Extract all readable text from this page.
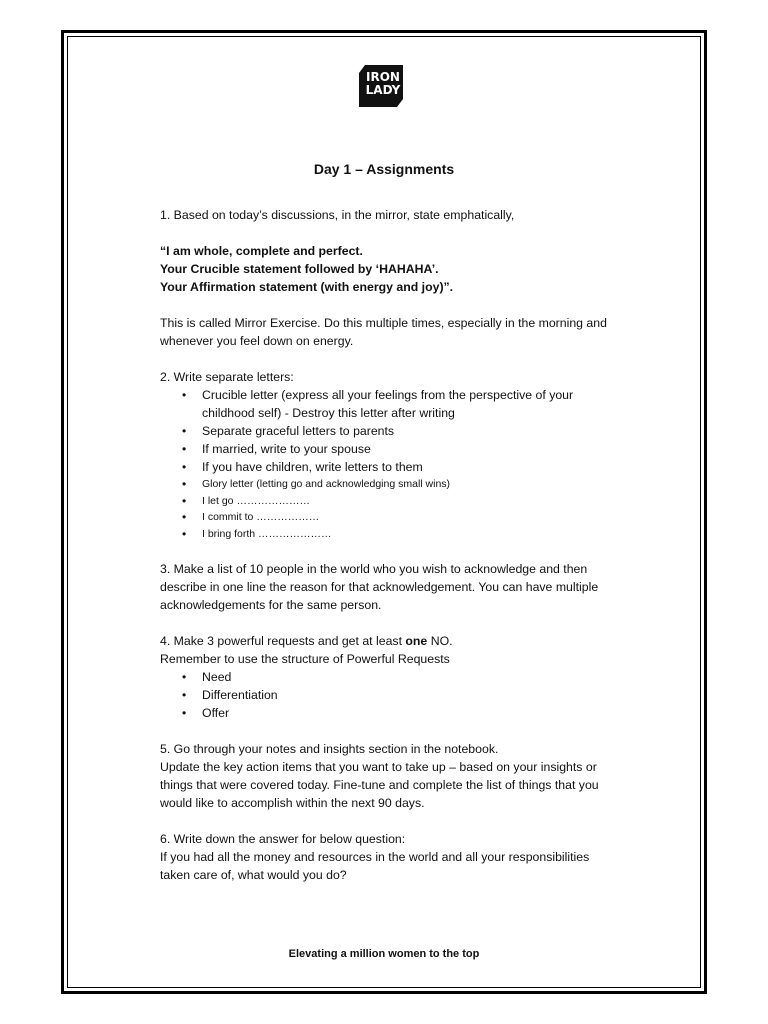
IRON
LADY
Day 1 – Assignments

1. Based on today’s discussions, in the mirror, state emphatically,

“I am whole, complete and perfect.

Your Crucible statement followed by ‘HAHAHA’.

Your Affirmation statement (with energy and joy)”.

This is called Mirror Exercise. Do this multiple times, especially in the morning and

whenever you feel down on energy.

2. Write separate letters:

• Crucible letter (express all your feelings from the perspective of your
childhood self) - Destroy this letter after writing
• Separate graceful letters to parents
• If married, write to your spouse
• If you have children, write letters to them
• Glory letter (letting go and acknowledging small wins)
• I let go …………………
• I commit to ………………
• I bring forth …………………

3. Make a list of 10 people in the world who you wish to acknowledge and then

describe in one line the reason for that acknowledgement. You can have multiple

acknowledgements for the same person.

4. Make 3 powerful requests and get at least one NO.

Remember to use the structure of Powerful Requests

• Need
• Differentiation
• Offer

5. Go through your notes and insights section in the notebook.

Update the key action items that you want to take up – based on your insights or

things that were covered today. Fine-tune and complete the list of things that you

would like to accomplish within the next 90 days.

6. Write down the answer for below question:

If you had all the money and resources in the world and all your responsibilities

taken care of, what would you do?

Elevating a million women to the top
